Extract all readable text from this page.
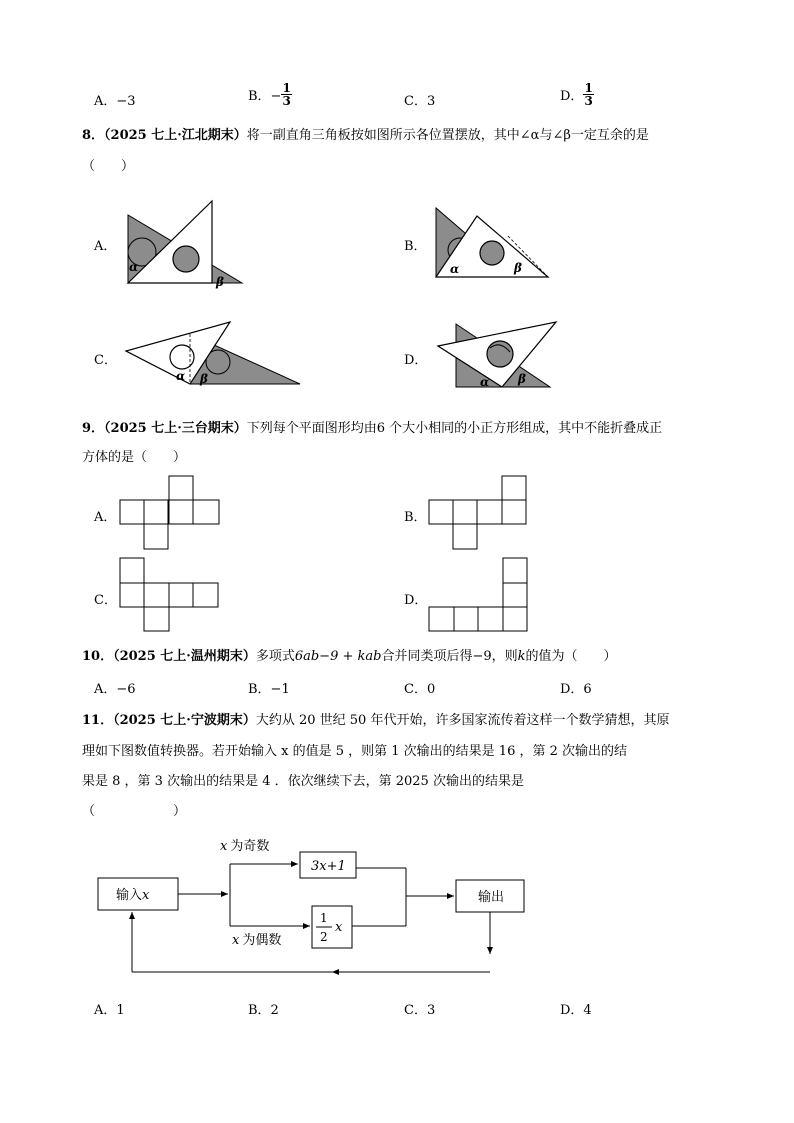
A．−3	B．− $\frac{1}{3}$	C．3	D． $\frac{1}{3}$
8．（2025 七上·江北期末）将一副直角三角板按如图所示各位置摆放，其中∠α与∠β一定互余的是
（　　）
A．	B．
C．	D．
α
β
α	β
α β	α β
9．（2025 七上·三台期末）下列每个平面图形均由6 个大小相同的小正方形组成，其中不能折叠成正
方体的是（　　）
A．	B．
C．	D．
10．（2025 七上·温州期末）多项式6ab−9 + kab合并同类项后得−9，则k的值为（　　）
A．−6	B．−1	C．0	D．6
11．（2025 七上·宁波期末）大约从 20 世纪 50 年代开始，许多国家流传着这样一个数学猜想，其原
理如下图数值转换器。若开始输入 x 的值是 5 ，则第 1 次输出的结果是 16 ，第 2 次输出的结
果是 8 ，第 3 次输出的结果是 4 ．依次继续下去，第 2025 次输出的结果是
（　　　　　　）
输入x
x 为奇数
x 为偶数
3x+1
1
2
x
输出
A．1	B．2	C．3	D．4
